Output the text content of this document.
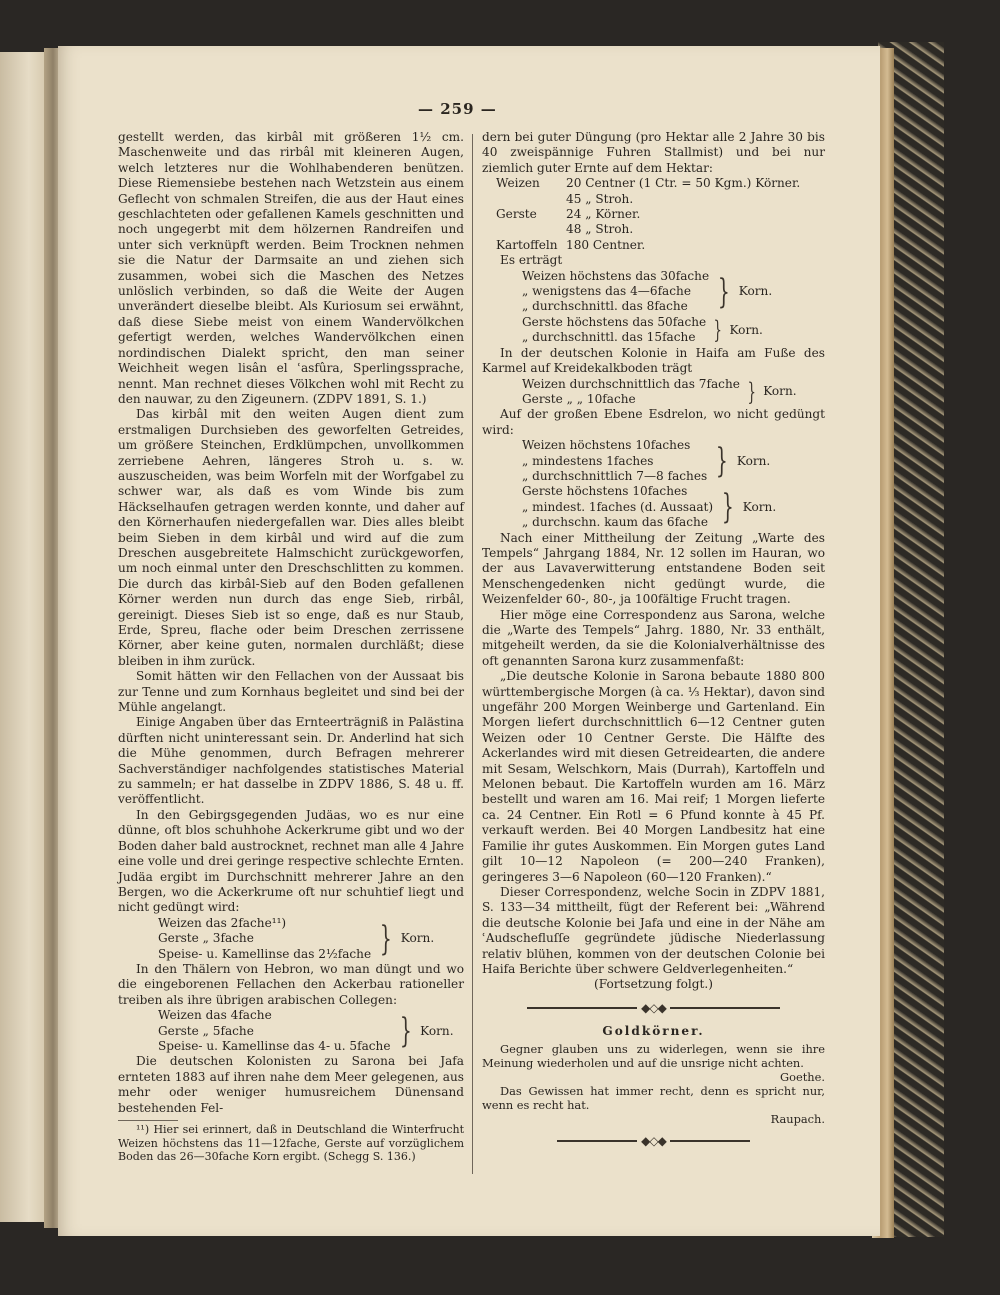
— 259 —

gestellt werden, das kirbâl mit größeren 1½ cm. Maschenweite und das rirbâl mit kleineren Augen, welch letzteres nur die Wohlhabenderen benützen. Diese Riemensiebe bestehen nach Wetzstein aus einem Geflecht von schmalen Streifen, die aus der Haut eines geschlachteten oder gefallenen Kamels geschnitten und noch ungegerbt mit dem hölzernen Randreifen und unter sich verknüpft werden. Beim Trocknen nehmen sie die Natur der Darmsaite an und ziehen sich zusammen, wobei sich die Maschen des Netzes unlöslich verbinden, so daß die Weite der Augen unverändert dieselbe bleibt. Als Kuriosum sei erwähnt, daß diese Siebe meist von einem Wandervölkchen gefertigt werden, welches Wandervölkchen einen nordindischen Dialekt spricht, den man seiner Weichheit wegen lisân el ʿasfûra, Sperlingssprache, nennt. Man rechnet dieses Völkchen wohl mit Recht zu den nauwar, zu den Zigeunern. (ZDPV 1891, S. 1.)

Das kirbâl mit den weiten Augen dient zum erstmaligen Durchsieben des geworfelten Getreides, um größere Steinchen, Erdklümpchen, unvollkommen zerriebene Aehren, längeres Stroh u. s. w. auszuscheiden, was beim Worfeln mit der Worfgabel zu schwer war, als daß es vom Winde bis zum Häckselhaufen getragen werden konnte, und daher auf den Körnerhaufen niedergefallen war. Dies alles bleibt beim Sieben in dem kirbâl und wird auf die zum Dreschen ausgebreitete Halmschicht zurückgeworfen, um noch einmal unter den Dreschschlitten zu kommen. Die durch das kirbâl-Sieb auf den Boden gefallenen Körner werden nun durch das enge Sieb, rirbâl, gereinigt. Dieses Sieb ist so enge, daß es nur Staub, Erde, Spreu, flache oder beim Dreschen zerrissene Körner, aber keine guten, normalen durchläßt; diese bleiben in ihm zurück.

Somit hätten wir den Fellachen von der Aussaat bis zur Tenne und zum Kornhaus begleitet und sind bei der Mühle angelangt.

Einige Angaben über das Ernteerträgniß in Palästina dürften nicht uninteressant sein. Dr. Anderlind hat sich die Mühe genommen, durch Befragen mehrerer Sachverständiger nachfolgendes statistisches Material zu sammeln; er hat dasselbe in ZDPV 1886, S. 48 u. ff. veröffentlicht.

In den Gebirgsgegenden Judäas, wo es nur eine dünne, oft blos schuhhohe Ackerkrume gibt und wo der Boden daher bald austrocknet, rechnet man alle 4 Jahre eine volle und drei geringe respective schlechte Ernten. Judäa ergibt im Durchschnitt mehrerer Jahre an den Bergen, wo die Ackerkrume oft nur schuhtief liegt und nicht gedüngt wird:

Weizen das 2fache¹¹)
Gerste „ 3fache
Speise- u. Kamellinse das 2½fache } Korn.

In den Thälern von Hebron, wo man düngt und wo die eingeborenen Fellachen den Ackerbau rationeller treiben als ihre übrigen arabischen Collegen:

Weizen das 4fache
Gerste „ 5fache
Speise- u. Kamellinse das 4- u. 5fache } Korn.

Die deutschen Kolonisten zu Sarona bei Jafa ernteten 1883 auf ihren nahe dem Meer gelegenen, aus mehr oder weniger humusreichem Dünensand bestehenden Fel-

¹¹) Hier sei erinnert, daß in Deutschland die Winterfrucht Weizen höchstens das 11—12fache, Gerste auf vorzüglichem Boden das 26—30fache Korn ergibt. (Schegg S. 136.)

dern bei guter Düngung (pro Hektar alle 2 Jahre 30 bis 40 zweispännige Fuhren Stallmist) und bei nur ziemlich guter Ernte auf dem Hektar:

Weizen	20 Centner (1 Ctr. = 50 Kgm.) Körner.
45 „ Stroh.
Gerste	24 „ Körner.
48 „ Stroh.
Kartoffeln 180 Centner.

Es erträgt

Weizen höchstens das 30fache
„ wenigstens das 4—6fache
„ durchschnittl. das 8fache } Korn.
Gerste höchstens das 50fache
„ durchschnittl. das 15fache } Korn.

In der deutschen Kolonie in Haifa am Fuße des Karmel auf Kreidekalkboden trägt

Weizen durchschnittlich das 7fache
Gerste „ „ 10fache	} Korn.

Auf der großen Ebene Esdrelon, wo nicht gedüngt wird:

Weizen höchstens 10faches
„ mindestens 1faches
„ durchschnittlich 7—8 faches } Korn.
Gerste höchstens 10faches
„ mindest. 1faches (d. Aussaat)
„ durchschn. kaum das 6fache } Korn.

Nach einer Mittheilung der Zeitung „Warte des Tempels“ Jahrgang 1884, Nr. 12 sollen im Hauran, wo der aus Lavaverwitterung entstandene Boden seit Menschengedenken nicht gedüngt wurde, die Weizenfelder 60-, 80-, ja 100fältige Frucht tragen.

Hier möge eine Correspondenz aus Sarona, welche die „Warte des Tempels“ Jahrg. 1880, Nr. 33 enthält, mitgeheilt werden, da sie die Kolonialverhältnisse des oft genannten Sarona kurz zusammenfaßt:

„Die deutsche Kolonie in Sarona bebaute 1880 800 württembergische Morgen (à ca. ⅓ Hektar), davon sind ungefähr 200 Morgen Weinberge und Gartenland. Ein Morgen liefert durchschnittlich 6—12 Centner guten Weizen oder 10 Centner Gerste. Die Hälfte des Ackerlandes wird mit diesen Getreidearten, die andere mit Sesam, Welschkorn, Mais (Durrah), Kartoffeln und Melonen bebaut. Die Kartoffeln wurden am 16. März bestellt und waren am 16. Mai reif; 1 Morgen lieferte ca. 24 Centner. Ein Rotl = 6 Pfund konnte à 45 Pf. verkauft werden. Bei 40 Morgen Landbesitz hat eine Familie ihr gutes Auskommen. Ein Morgen gutes Land gilt 10—12 Napoleon (= 200—240 Franken), geringeres 3—6 Napoleon (60—120 Franken).“

Dieser Correspondenz, welche Socin in ZDPV 1881, S. 133—34 mittheilt, fügt der Referent bei: „Während die deutsche Kolonie bei Jafa und eine in der Nähe am ʿAudschefluſſe gegründete jüdische Niederlassung relativ blühen, kommen von der deutschen Colonie bei Haifa Berichte über schwere Geldverlegenheiten.“

(Fortsetzung folgt.)

◆◇◆
Goldkörner.

Gegner glauben uns zu widerlegen, wenn sie ihre Meinung wiederholen und auf die unsrige nicht achten.

Goethe.

Das Gewissen hat immer recht, denn es spricht nur, wenn es recht hat.

Raupach.

◆◇◆
